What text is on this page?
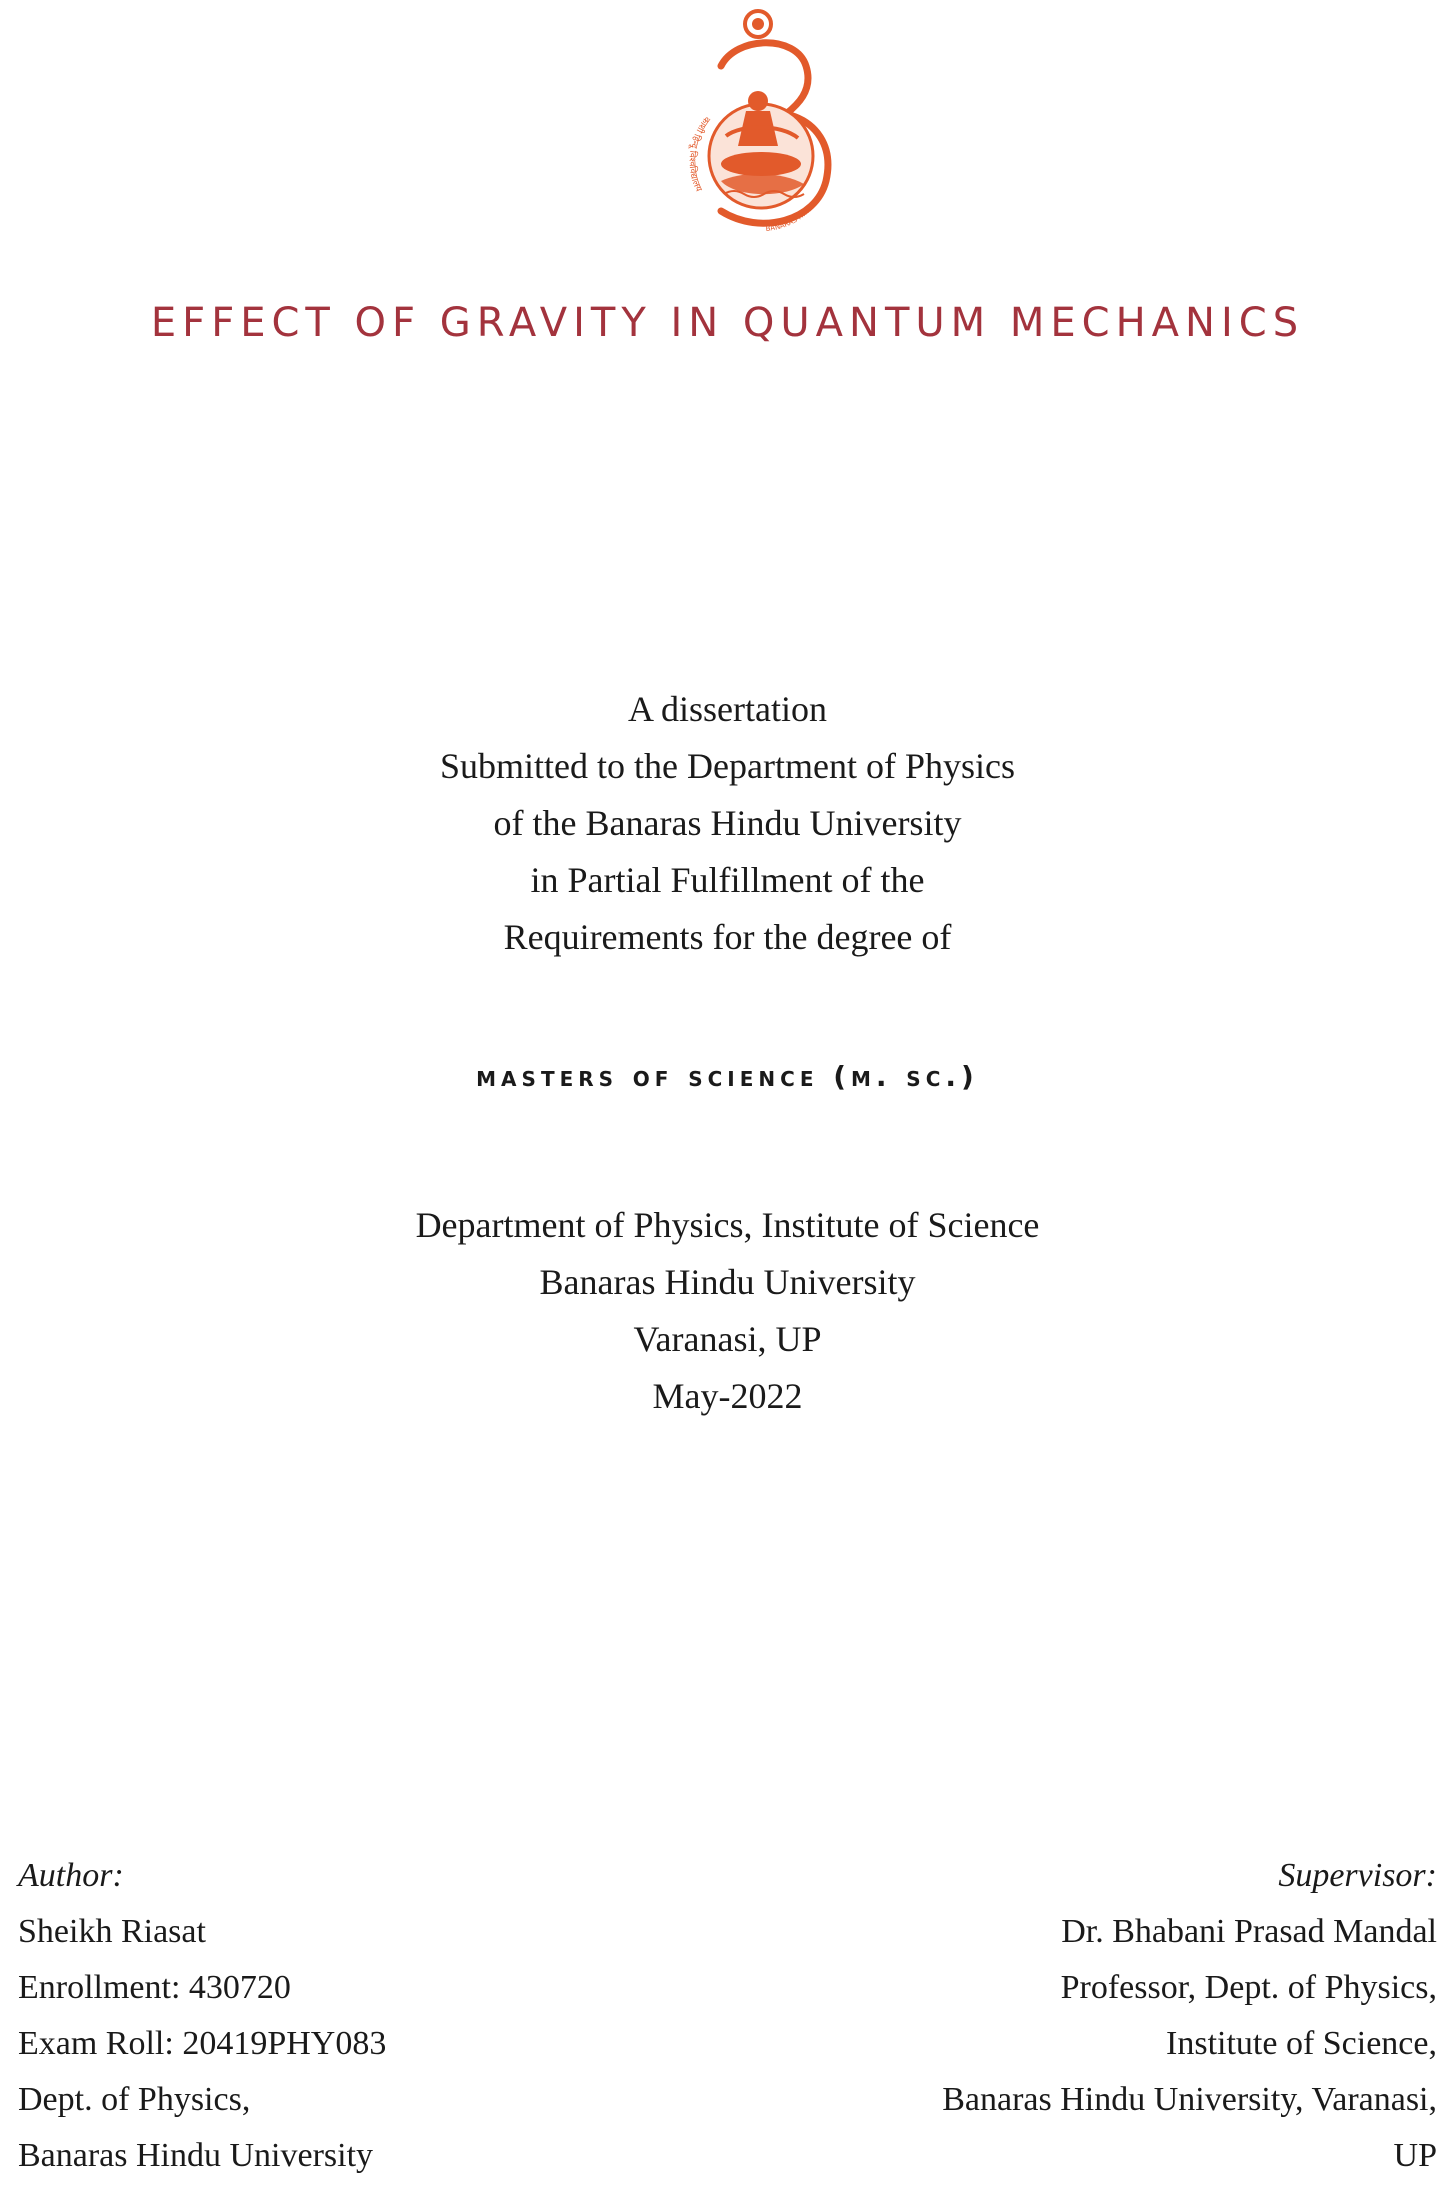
काशी हिन्दू विश्वविद्यालय
BANARAS HINDU UNIVERSITY
EFFECT OF GRAVITY IN QUANTUM MECHANICS
A dissertation
Submitted to the Department of Physics
of the Banaras Hindu University
in Partial Fulfillment of the
Requirements for the degree of
masters of science (m. sc.)
Department of Physics, Institute of Science
Banaras Hindu University
Varanasi, UP
May-2022
Author:
Sheikh Riasat
Enrollment: 430720
Exam Roll: 20419PHY083
Dept. of Physics,
Banaras Hindu University
Supervisor:
Dr. Bhabani Prasad Mandal
Professor, Dept. of Physics,
Institute of Science,
Banaras Hindu University, Varanasi,
UP
